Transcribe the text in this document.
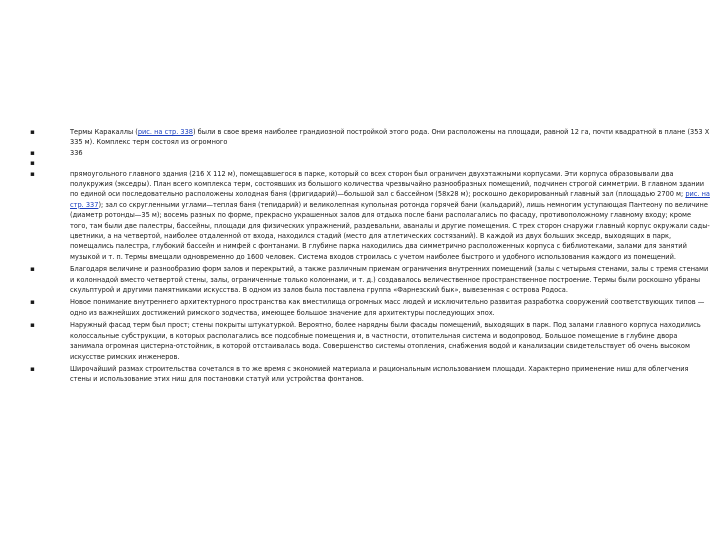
▪	Термы Каракаллы (рис. на стр. 338) были в свое время наиболее грандиозной постройкой этого рода. Они расположены на площади, равной 12 га, почти квадратной в плане (353 X 335 м). Комплекс терм состоял из огромного
▪	336
▪
▪	прямоугольного главного здания (216 X 112 м), помещавшегося в парке, который со всех сторон был ограничен двухэтажными корпусами. Эти корпуса образовывали два полукружия (экседры). План всего комплекса терм, состоявших из большого количества чрезвычайно разнообразных помещений, подчинен строгой симметрии. В главном здании по единой оси последовательно расположены холодная баня (фригидарий)—большой зал с бассейном (58x28 м); роскошно декорированный главный зал (площадью 2700 м; рис. на стр. 337); зал со скругленными углами—теплая баня (тепидарий) и великолепная купольная ротонда горячей бани (кальдарий), лишь немногим уступающая Пантеону по величине (диаметр ротонды—35 м); восемь разных по форме, прекрасно украшенных залов для отдыха после бани располагались по фасаду, противоположному главному входу; кроме того, там были две палестры, бассейны, площади для физических упражнений, раздевальни, аваналы и другие помещения. С трех сторон снаружи главный корпус окружали сады-цветники, а на четвертой, наиболее отдаленной от входа, находился стадий (место для атлетических состязаний). В каждой из двух больших экседр, выходящих в парк, помещались палестра, глубокий бассейн и нимфей с фонтанами. В глубине парка находились два симметрично расположенных корпуса с библиотеками, залами для занятий музыкой и т. п. Термы вмещали одновременно до 1600 человек. Система входов строилась с учетом наиболее быстрого и удобного использования каждого из помещений.
▪	Благодаря величине и разнообразию форм залов и перекрытий, а также различным приемам ограничения внутренних помещений (залы с четырьмя стенами, залы с тремя стенами и колоннадой вместо четвертой стены, залы, ограниченные только колоннами, и т. д.) создавалось величественное пространственное построение. Термы были роскошно убраны скульптурой и другими памятниками искусства. В одном из залов была поставлена группа «Фарнезский бык», вывезенная с острова Родоса.
▪	Новое понимание внутреннего архитектурного пространства как вместилища огромных масс людей и исключительно развитая разработка сооружений соответствующих типов — одно из важнейших достижений римского зодчества, имеющее большое значение для архитектуры последующих эпох.
▪	Наружный фасад терм был прост; стены покрыты штукатуркой. Вероятно, более нарядны были фасады помещений, выходящих в парк. Под залами главного корпуса находились колоссальные субструкции, в которых располагались все подсобные помещения и, в частности, отопительная система и водопровод. Большое помещение в глубине двора занимала огромная цистерна-отстойник, в которой отстаивалась вода. Совершенство системы отопления, снабжения водой и канализации свидетельствует об очень высоком искусстве римских инженеров.
▪	Широчайший размах строительства сочетался в то же время с экономией материала и рациональным использованием площади. Характерно применение ниш для облегчения стены и использование этих ниш для постановки статуй или устройства фонтанов.
